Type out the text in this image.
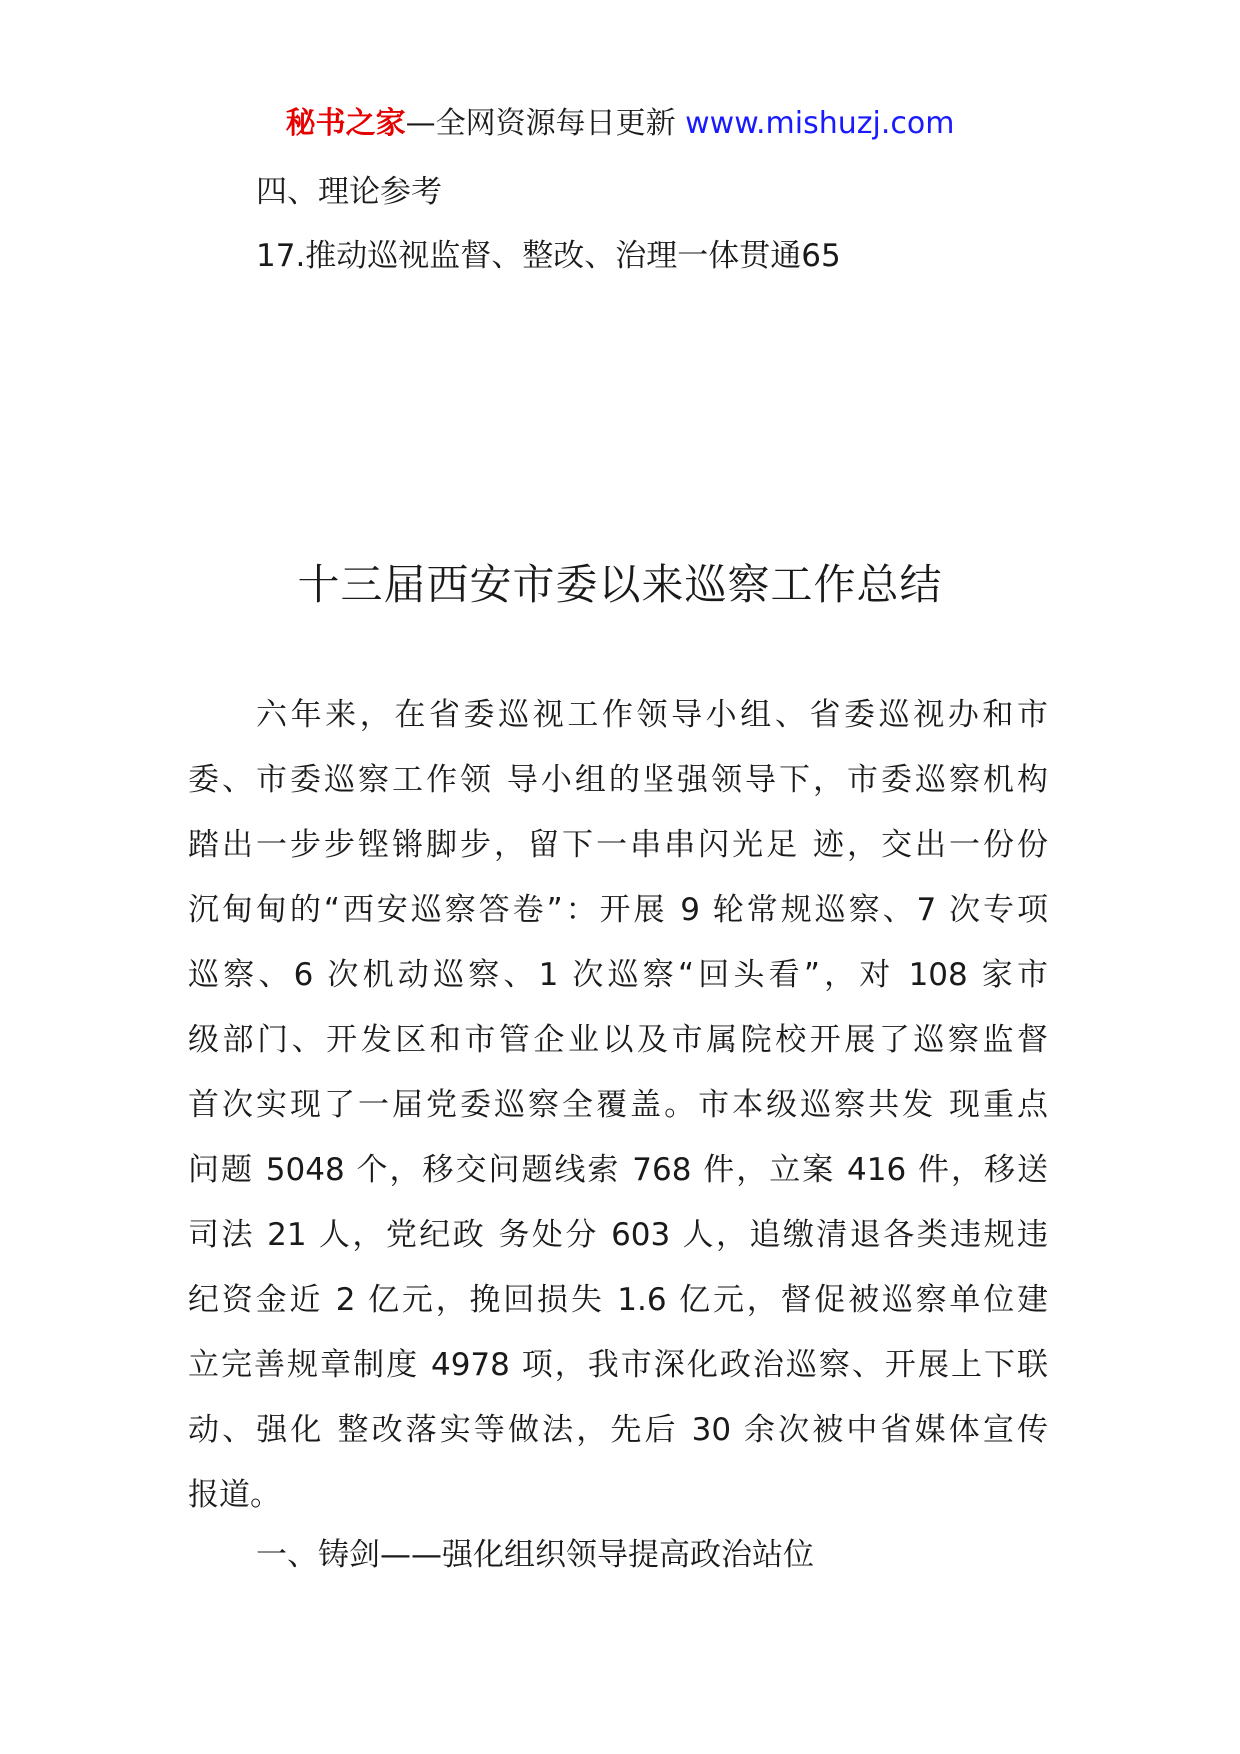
秘书之家—全网资源每日更新 www.mishuzj.com
四、理论参考
17.推动巡视监督、整改、治理一体贯通65
十三届西安市委以来巡察工作总结
六年来，在省委巡视工作领导小组、省委巡视办和市
委、市委巡察工作领 导小组的坚强领导下，市委巡察机构
踏出一步步铿锵脚步，留下一串串闪光足 迹，交出一份份
沉甸甸的“西安巡察答卷”：开展 9 轮常规巡察、7 次专项
巡察、6 次机动巡察、1 次巡察“回头看”，对 108 家市
级部门、开发区和市管企业以及市属院校开展了巡察监督
首次实现了一届党委巡察全覆盖。市本级巡察共发 现重点
问题 5048 个，移交问题线索 768 件，立案 416 件，移送
司法 21 人，党纪政 务处分 603 人，追缴清退各类违规违
纪资金近 2 亿元，挽回损失 1.6 亿元，督促被巡察单位建
立完善规章制度 4978 项，我市深化政治巡察、开展上下联
动、强化 整改落实等做法，先后 30 余次被中省媒体宣传
报道。
一、铸剑——强化组织领导提高政治站位
